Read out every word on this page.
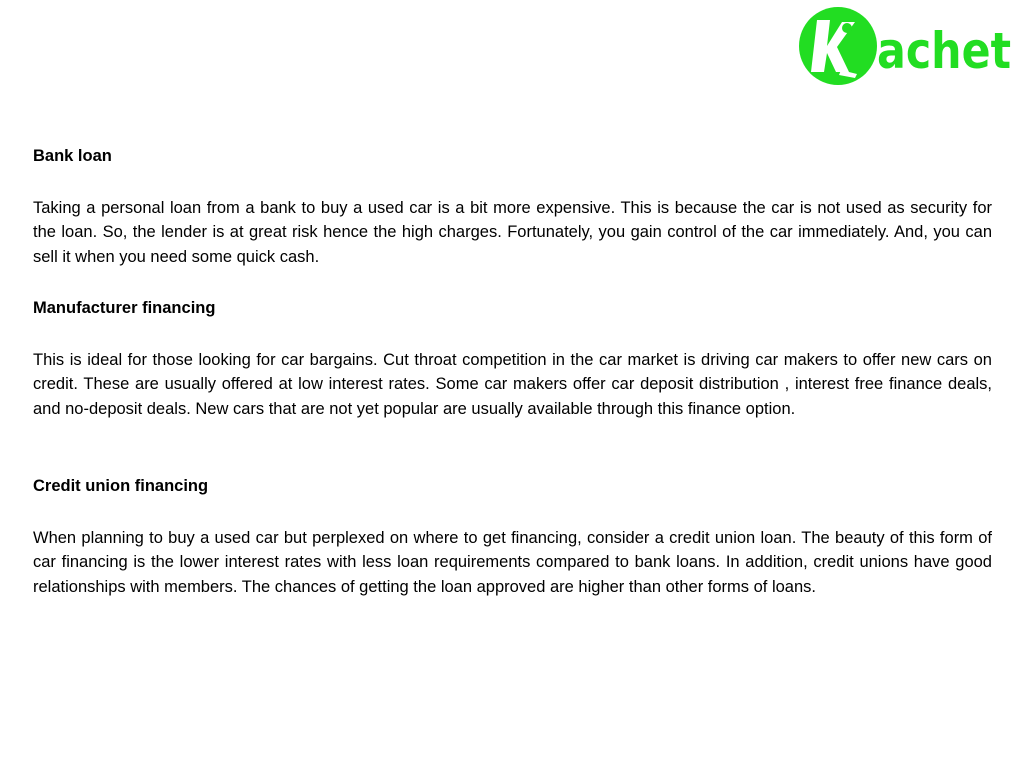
achet

Bank loan

Taking a personal loan from a bank to buy a used car is a bit more expensive. This is because the car is not used as security for the loan. So, the lender is at great risk hence the high charges. Fortunately, you gain control of the car immediately. And, you can sell it when you need some quick cash.

Manufacturer financing

This is ideal for those looking for car bargains. Cut throat competition in the car market is driving car makers to offer new cars on credit. These are usually offered at low interest rates. Some car makers offer car deposit distribution , interest free finance deals, and no-deposit deals. New cars that are not yet popular are usually available through this finance option.

Credit union financing

When planning to buy a used car but perplexed on where to get financing, consider a credit union loan. The beauty of this form of car financing is the lower interest rates with less loan requirements compared to bank loans. In addition, credit unions have good relationships with members. The chances of getting the loan approved are higher than other forms of loans.
